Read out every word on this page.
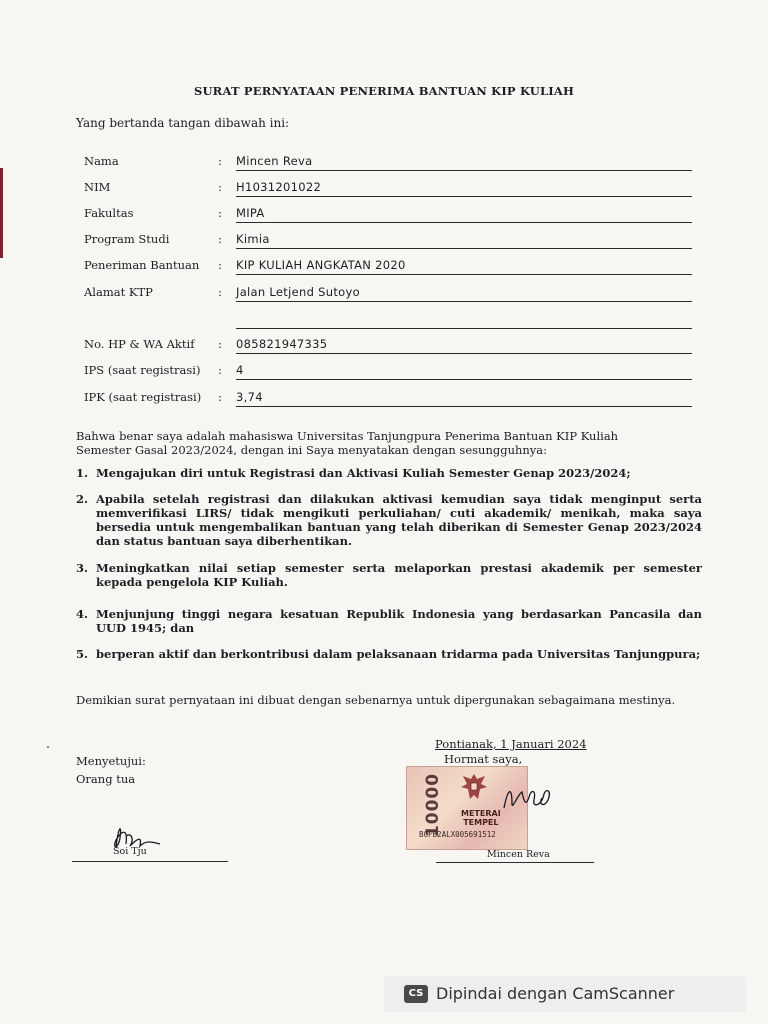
SURAT PERNYATAAN PENERIMA BANTUAN KIP KULIAH
Yang bertanda tangan dibawah ini:
Nama	: Mincen Reva
NIM	: H1031201022
Fakultas	: MIPA
Program Studi	: Kimia
Peneriman Bantuan : KIP KULIAH ANGKATAN 2020
Alamat KTP	: Jalan Letjend Sutoyo
No. HP & WA Aktif : 085821947335
IPS (saat registrasi) : 4
IPK (saat registrasi) : 3,74
Bahwa benar saya adalah mahasiswa Universitas Tanjungpura Penerima Bantuan KIP Kuliah
Semester Gasal 2023/2024, dengan ini Saya menyatakan dengan sesungguhnya:
1. Mengajukan diri untuk Registrasi dan Aktivasi Kuliah Semester Genap 2023/2024;
2. Apabila setelah registrasi dan dilakukan aktivasi kemudian saya tidak menginput serta memverifikasi LIRS/ tidak mengikuti perkuliahan/ cuti akademik/ menikah, maka saya bersedia untuk mengembalikan bantuan yang telah diberikan di Semester Genap 2023/2024 dan status bantuan saya diberhentikan.
3. Meningkatkan nilai setiap semester serta melaporkan prestasi akademik per semester kepada pengelola KIP Kuliah.
4. Menjunjung tinggi negara kesatuan Republik Indonesia yang berdasarkan Pancasila dan UUD 1945; dan
5. berperan aktif dan berkontribusi dalam pelaksanaan tridarma pada Universitas Tanjungpura;
Demikian surat pernyataan ini dibuat dengan sebenarnya untuk dipergunakan sebagaimana mestinya.
Menyetujui:
Orang tua
Soi Tju
Pontianak, 1 Januari 2024
Hormat saya,
10000 METERAI
TEMPEL
BCFB2ALX005691512
Mincen Reva
CS Dipindai dengan CamScanner
